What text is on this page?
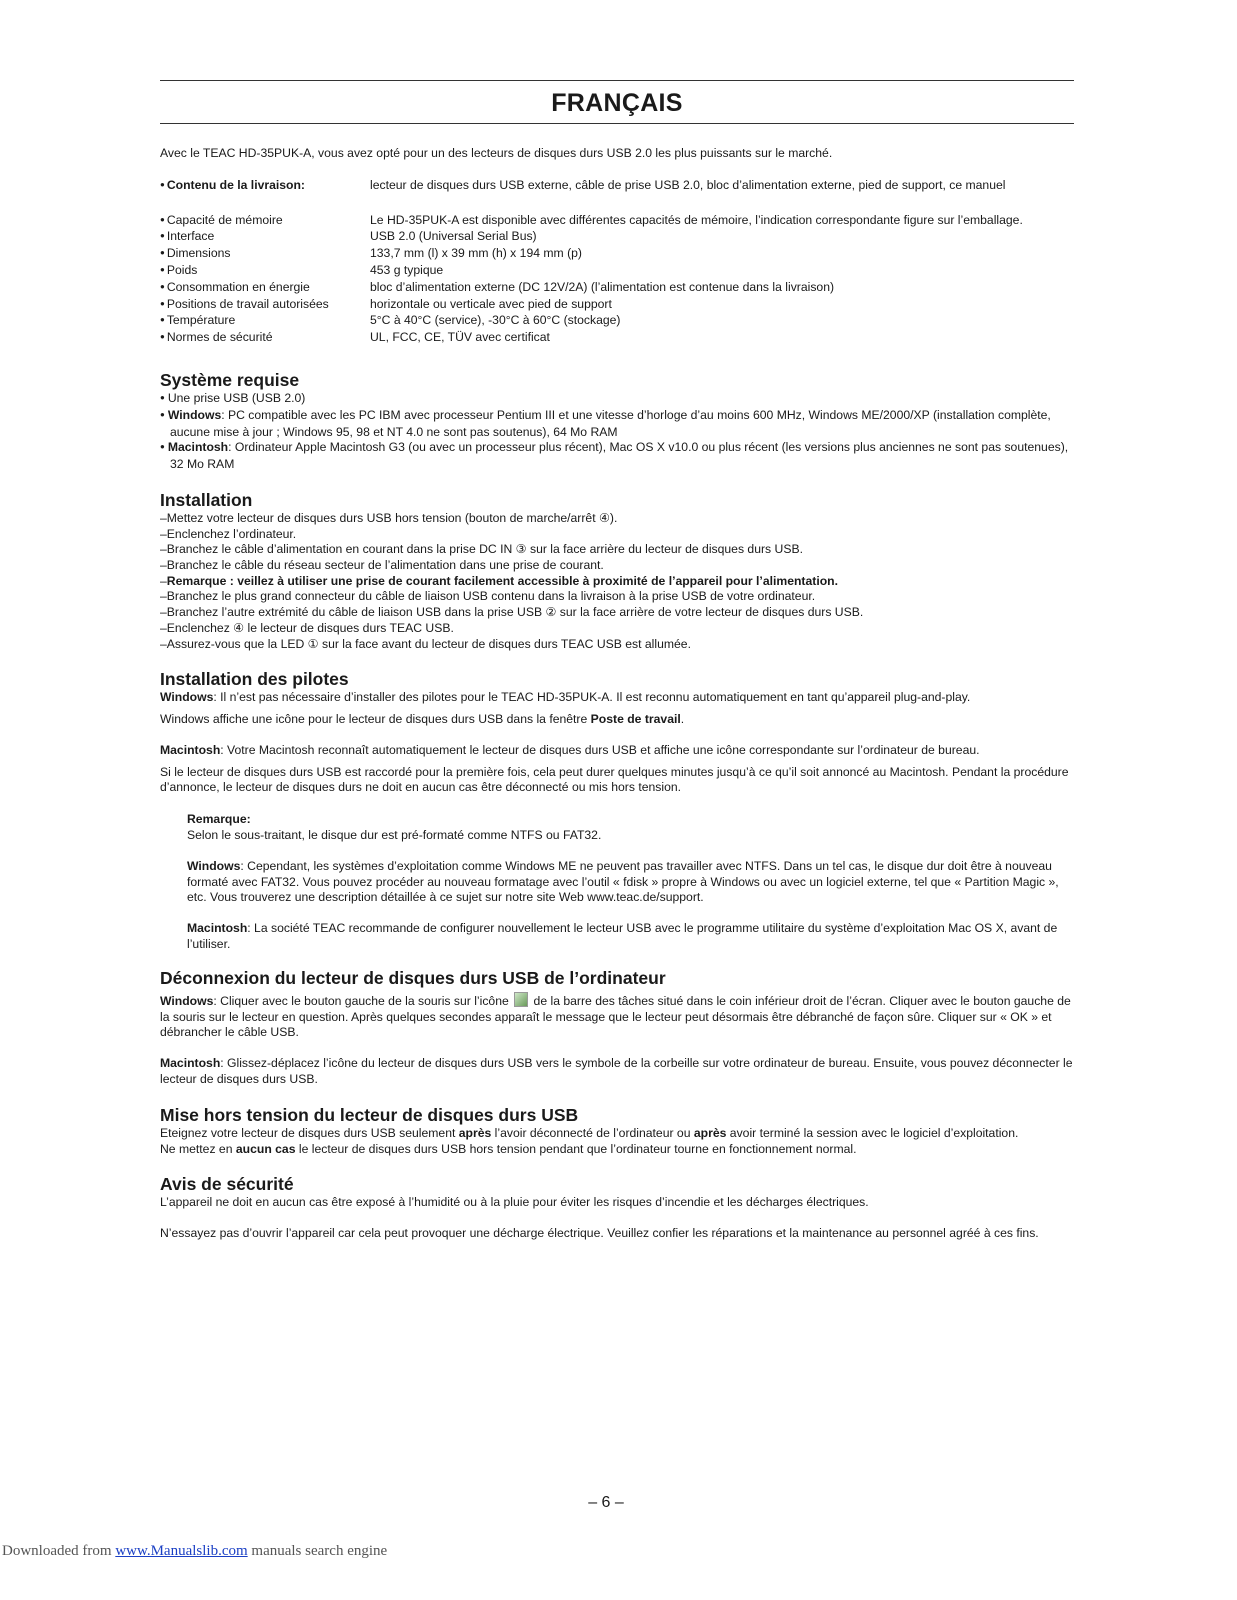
FRANÇAIS

Avec le TEAC HD-35PUK-A, vous avez opté pour un des lecteurs de disques durs USB 2.0 les plus puissants sur le marché.

● Contenu de la livraison:	lecteur de disques durs USB externe, câble de prise USB 2.0, bloc d’alimentation externe, pied de support, ce manuel
● Capacité de mémoire	Le HD-35PUK-A est disponible avec différentes capacités de mémoire, l’indication correspondante figure sur l’emballage.
● Interface	USB 2.0 (Universal Serial Bus)
● Dimensions	133,7 mm (l) x 39 mm (h) x 194 mm (p)
● Poids	453 g typique
● Consommation en énergie	bloc d’alimentation externe (DC 12V/2A) (l’alimentation est contenue dans la livraison)
● Positions de travail autorisées	horizontale ou verticale avec pied de support
● Température	5°C à 40°C (service), -30°C à 60°C (stockage)
● Normes de sécurité	UL, FCC, CE, TÜV avec certificat
Système requise
● Une prise USB (USB 2.0)
● Windows: PC compatible avec les PC IBM avec processeur Pentium III et une vitesse d’horloge d’au moins 600 MHz, Windows ME/2000/XP (installation complète, aucune mise à jour ; Windows 95, 98 et NT 4.0 ne sont pas soutenus), 64 Mo RAM
● Macintosh: Ordinateur Apple Macintosh G3 (ou avec un processeur plus récent), Mac OS X v10.0 ou plus récent (les versions plus anciennes ne sont pas soutenues), 32 Mo RAM
Installation
– Mettez votre lecteur de disques durs USB hors tension (bouton de marche/arrêt ④).
– Enclenchez l’ordinateur.
– Branchez le câble d’alimentation en courant dans la prise DC IN ③ sur la face arrière du lecteur de disques durs USB.
– Branchez le câble du réseau secteur de l’alimentation dans une prise de courant.
– Remarque : veillez à utiliser une prise de courant facilement accessible à proximité de l’appareil pour l’alimentation.
– Branchez le plus grand connecteur du câble de liaison USB contenu dans la livraison à la prise USB de votre ordinateur.
– Branchez l’autre extrémité du câble de liaison USB dans la prise USB ② sur la face arrière de votre lecteur de disques durs USB.
– Enclenchez ④ le lecteur de disques durs TEAC USB.
– Assurez-vous que la LED ① sur la face avant du lecteur de disques durs TEAC USB est allumée.
Installation des pilotes

Windows: Il n’est pas nécessaire d’installer des pilotes pour le TEAC HD-35PUK-A. Il est reconnu automatiquement en tant qu’appareil plug-and-play.

Windows affiche une icône pour le lecteur de disques durs USB dans la fenêtre Poste de travail.

Macintosh: Votre Macintosh reconnaît automatiquement le lecteur de disques durs USB et affiche une icône correspondante sur l’ordinateur de bureau.

Si le lecteur de disques durs USB est raccordé pour la première fois, cela peut durer quelques minutes jusqu’à ce qu’il soit annoncé au Macintosh. Pendant la procédure d’annonce, le lecteur de disques durs ne doit en aucun cas être déconnecté ou mis hors tension.

Remarque:

Selon le sous-traitant, le disque dur est pré-formaté comme NTFS ou FAT32.

Windows: Cependant, les systèmes d’exploitation comme Windows ME ne peuvent pas travailler avec NTFS. Dans un tel cas, le disque dur doit être à nouveau formaté avec FAT32. Vous pouvez procéder au nouveau formatage avec l’outil « fdisk » propre à Windows ou avec un logiciel externe, tel que « Partition Magic », etc. Vous trouverez une description détaillée à ce sujet sur notre site Web www.teac.de/support.

Macintosh: La société TEAC recommande de configurer nouvellement le lecteur USB avec le programme utilitaire du système d’exploitation Mac OS X, avant de l’utiliser.

Déconnexion du lecteur de disques durs USB de l’ordinateur

Windows: Cliquer avec le bouton gauche de la souris sur l’icône  de la barre des tâches situé dans le coin inférieur droit de l’écran. Cliquer avec le bouton gauche de la souris sur le lecteur en question. Après quelques secondes apparaît le message que le lecteur peut désormais être débranché de façon sûre. Cliquer sur « OK » et débrancher le câble USB.

Macintosh: Glissez-déplacez l’icône du lecteur de disques durs USB vers le symbole de la corbeille sur votre ordinateur de bureau. Ensuite, vous pouvez déconnecter le lecteur de disques durs USB.

Mise hors tension du lecteur de disques durs USB

Eteignez votre lecteur de disques durs USB seulement après l’avoir déconnecté de l’ordinateur ou après avoir terminé la session avec le logiciel d’exploitation.
Ne mettez en aucun cas le lecteur de disques durs USB hors tension pendant que l’ordinateur tourne en fonctionnement normal.

Avis de sécurité

L’appareil ne doit en aucun cas être exposé à l’humidité ou à la pluie pour éviter les risques d’incendie et les décharges électriques.

N’essayez pas d’ouvrir l’appareil car cela peut provoquer une décharge électrique. Veuillez confier les réparations et la maintenance au personnel agréé à ces fins.

– 6 –
Downloaded from www.Manualslib.com manuals search engine
